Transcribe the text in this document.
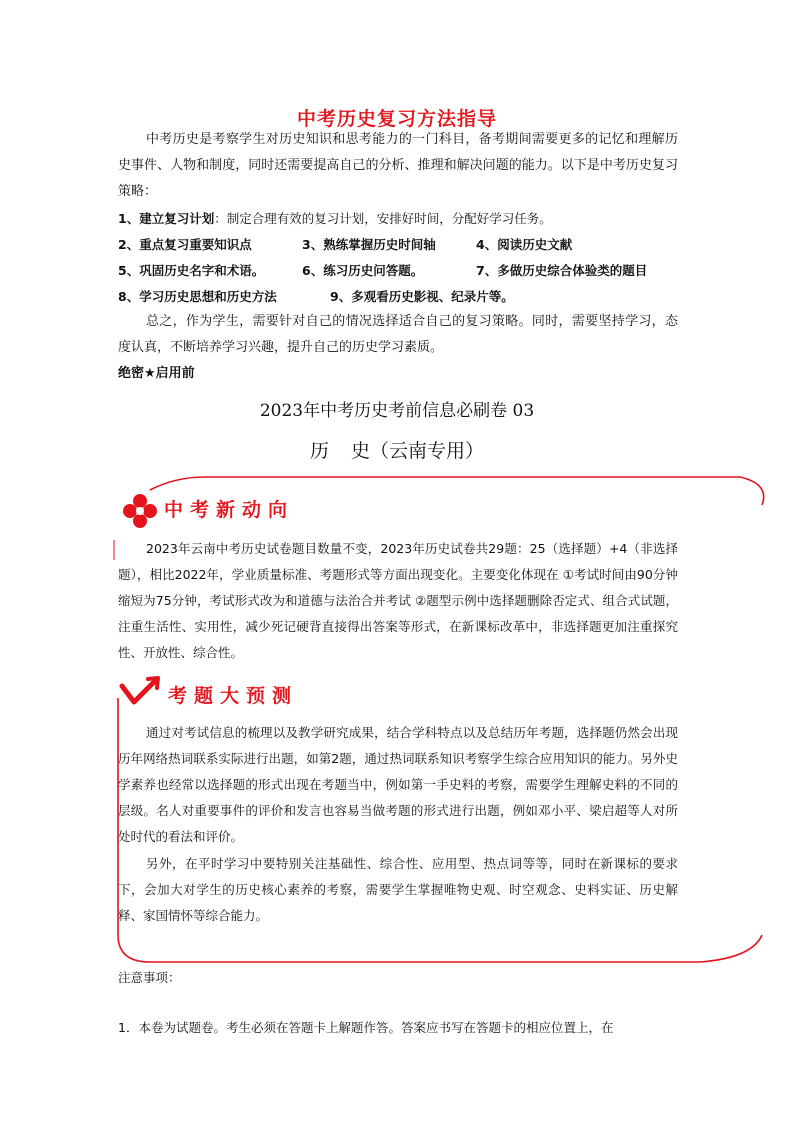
中考历史复习方法指导

中考历史是考察学生对历史知识和思考能力的一门科目，备考期间需要更多的记忆和理解历史事件、人物和制度，同时还需要提高自己的分析、推理和解决问题的能力。以下是中考历史复习策略：

1、建立复习计划：制定合理有效的复习计划，安排好时间，分配好学习任务。
2、重点复习重要知识点	3、熟练掌握历史时间轴	4、阅读历史文献
5、巩固历史名字和术语。	6、练习历史问答题。	7、多做历史综合体验类的题目
8、学习历史思想和历史方法	9、多观看历史影视、纪录片等。

总之，作为学生，需要针对自己的情况选择适合自己的复习策略。同时，需要坚持学习，态度认真，不断培养学习兴趣，提升自己的历史学习素质。

绝密★启用前
2023年中考历史考前信息必刷卷 03
历 史（云南专用）
中考新动向

2023年云南中考历史试卷题目数量不变，2023年历史试卷共29题：25（选择题）+4（非选择题），相比2022年，学业质量标准、考题形式等方面出现变化。主要变化体现在 ①考试时间由90分钟缩短为75分钟，考试形式改为和道德与法治合并考试 ②题型示例中选择题删除否定式、组合式试题，注重生活性、实用性，减少死记硬背直接得出答案等形式，在新课标改革中，非选择题更加注重探究性、开放性、综合性。

考题大预测

通过对考试信息的梳理以及教学研究成果，结合学科特点以及总结历年考题，选择题仍然会出现历年网络热词联系实际进行出题，如第2题，通过热词联系知识考察学生综合应用知识的能力。另外史学素养也经常以选择题的形式出现在考题当中，例如第一手史料的考察，需要学生理解史料的不同的层级。名人对重要事件的评价和发言也容易当做考题的形式进行出题，例如邓小平、梁启超等人对所处时代的看法和评价。

另外，在平时学习中要特别关注基础性、综合性、应用型、热点词等等，同时在新课标的要求下，会加大对学生的历史核心素养的考察，需要学生掌握唯物史观、时空观念、史料实证、历史解释、家国情怀等综合能力。

注意事项：
1．本卷为试题卷。考生必须在答题卡上解题作答。答案应书写在答题卡的相应位置上，在
